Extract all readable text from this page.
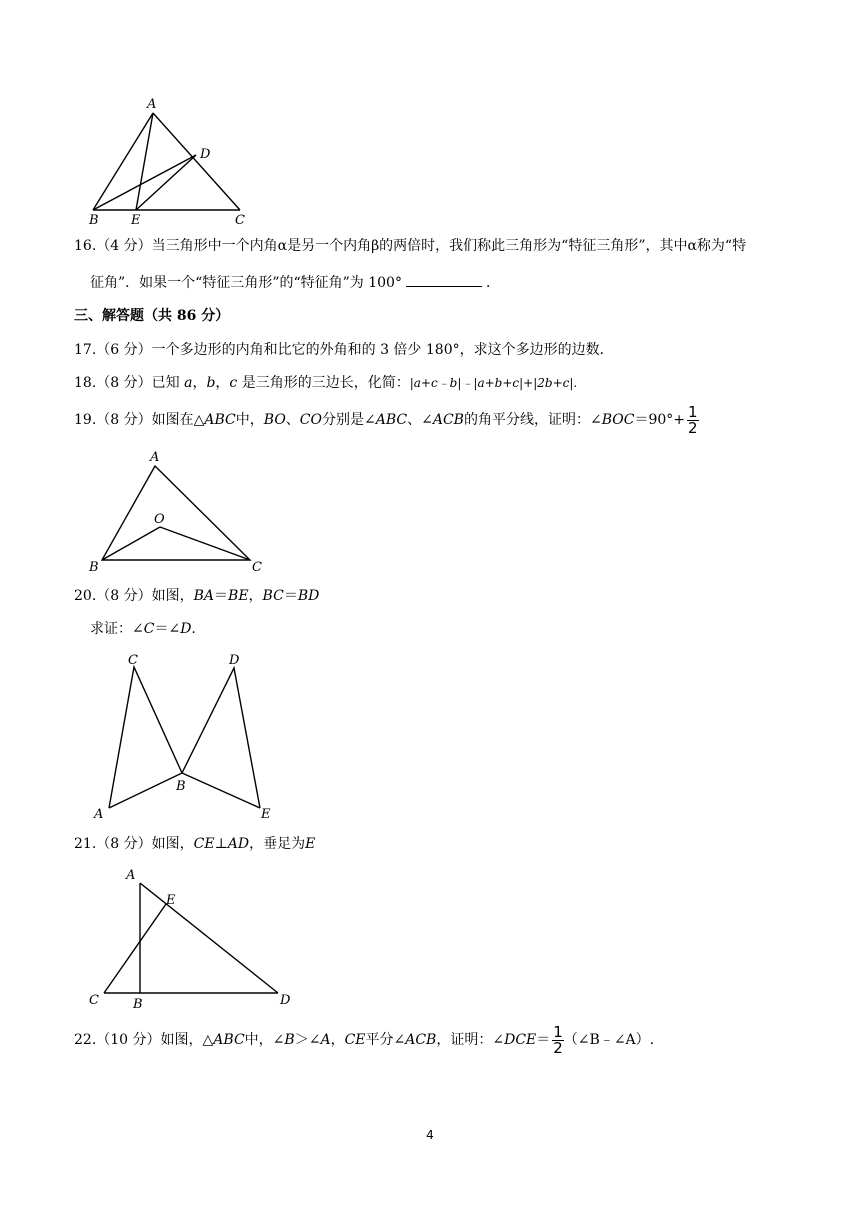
A
D
B E	C
16.（4 分）当三角形中一个内角α是另一个内角β的两倍时，我们称此三角形为“特征三角形”，其中α称为“特
征角”．如果一个“特征三角形”的“特征角”为 100°	．
三、解答题（共 86 分）
17.（6 分）一个多边形的内角和比它的外角和的 3 倍少 180°，求这个多边形的边数．
18.（8 分）已知 a，b，c 是三角形的三边长，化简：|a+c﹣b|﹣|a+b+c|+|2b+c|.
19.（8 分）如图在△ABC中，BO、CO分别是∠ABC、∠ACB的角平分线，证明：∠BOC＝90°+ $\frac{1}{2}$
A
O
B	C
20.（8 分）如图，BA＝BE，BC＝BD
求证：∠C＝∠D.
C	D
B
A	E
21.（8 分）如图，CE⊥AD，垂足为E
A
E
C	B	D
22.（10 分）如图，△ABC中，∠B＞∠A，CE平分∠ACB，证明：∠DCE＝ $\frac{1}{2}$ （∠B﹣∠A）.
4
